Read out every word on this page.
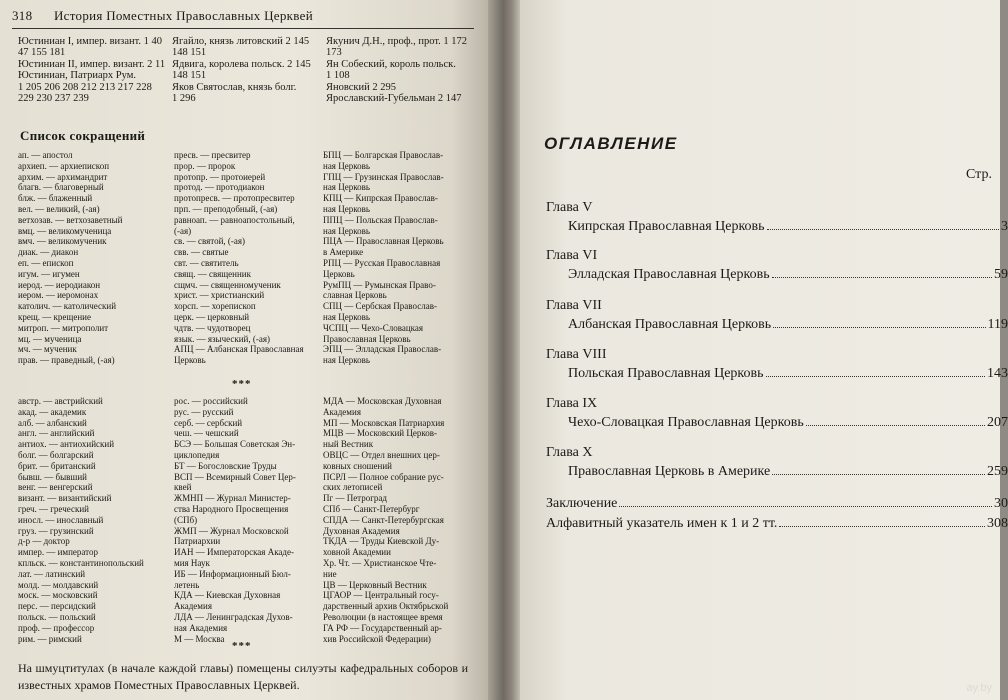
318 История Поместных Православных Церквей
Юстиниан I, импер. визант. 1 40
47 155 181
Юстиниан II, импер. визант. 2 11
Юстиниан, Патриарх Рум.
1 205 206 208 212 213 217 228
229 230 237 239
Ягайло, князь литовский 2 145
148 151
Ядвига, королева польск. 2 145
148 151
Яков Святослав, князь болг.
1 296
Якунич Д.Н., проф., прот. 1 172
173
Ян Собеский, король польск.
1 108
Яновский 2 295
Ярославский-Губельман 2 147
Список сокращений
ап. — апостол
архиеп. — архиепископ
архим. — архимандрит
благв. — благоверный
блж. — блаженный
вел. — великий, (-ая)
ветхозав. — ветхозаветный
вмц. — великомученица
вмч. — великомученик
диак. — диакон
еп. — епископ
игум. — игумен
иерод. — иеродиакон
иером. — иеромонах
католич. — католический
крещ. — крещение
митроп. — митрополит
мц. — мученица
мч. — мученик
прав. — праведный, (-ая)
пресв. — пресвитер
прор. — пророк
протопр. — протоиерей
протод. — протодиакон
протопресв. — протопресвитер
прп. — преподобный, (-ая)
равноап. — равноапостольный,
(-ая)
св. — святой, (-ая)
свв. — святые
свт. — святитель
свящ. — священник
сщмч. — священномученик
христ. — христианский
хорсп. — хорепископ
церк. — церковный
чдтв. — чудотворец
язык. — языческий, (-ая)
АПЦ — Албанская Православная
Церковь
БПЦ — Болгарская Православ-
ная Церковь
ГПЦ — Грузинская Православ-
ная Церковь
КПЦ — Кипрская Православ-
ная Церковь
ППЦ — Польская Православ-
ная Церковь
ПЦА — Православная Церковь
в Америке
РПЦ — Русская Православная
Церковь
РумПЦ — Румынская Право-
славная Церковь
СПЦ — Сербская Православ-
ная Церковь
ЧСПЦ — Чехо-Словацкая
Православная Церковь
ЭПЦ — Элладская Православ-
ная Церковь
***
австр. — австрийский
акад. — академик
алб. — албанский
англ. — английский
антиох. — антиохийский
болг. — болгарский
брит. — британский
бывш. — бывший
венг. — венгерский
визант. — византийский
греч. — греческий
иносл. — инославный
груз. — грузинский
д-р — доктор
импер. — император
кпльск. — константинопольский
лат. — латинский
молд. — молдавский
моск. — московский
перс. — персидский
польск. — польский
проф. — профессор
рим. — римский
рос. — российский
рус. — русский
серб. — сербский
чеш. — чешский
БСЭ — Большая Советская Эн-
циклопедия
БТ — Богословские Труды
ВСП — Всемирный Совет Цер-
квей
ЖМНП — Журнал Министер-
ства Народного Просвещения
(СПб)
ЖМП — Журнал Московской
Патриархии
ИАН — Императорская Акаде-
мия Наук
ИБ — Информационный Бюл-
летень
КДА — Киевская Духовная
Академия
ЛДА — Ленинградская Духов-
ная Академия
М — Москва
МДА — Московская Духовная
Академия
МП — Московская Патриархия
МЦВ — Московский Церков-
ный Вестник
ОВЦС — Отдел внешних цер-
ковных сношений
ПСРЛ — Полное собрание рус-
ских летописей
Пг — Петроград
СПб — Санкт-Петербург
СПДА — Санкт-Петербургская
Духовная Академия
ТКДА — Труды Киевской Ду-
ховной Академии
Хр. Чт. — Христианское Чте-
ние
ЦВ — Церковный Вестник
ЦГАОР — Центральный госу-
дарственный архив Октябрьской
Революции (в настоящее время
ГА РФ — Государственный ар-
хив Российской Федерации)
***
На шмуцтитулах (в начале каждой главы) помещены силуэты кафедральных соборов и известных храмов Поместных Православных Церквей.
ОГЛАВЛЕНИЕ
Стр.
Глава V
Кипрская Православная Церковь	3
Глава VI
Элладская Православная Церковь	59
Глава VII
Албанская Православная Церковь	119
Глава VIII
Польская Православная Церковь	143
Глава IX
Чехо-Словацкая Православная Церковь	207
Глава X
Православная Церковь в Америке	259
Заключение	30
Алфавитный указатель имен к 1 и 2 тт.	308
ay.by
